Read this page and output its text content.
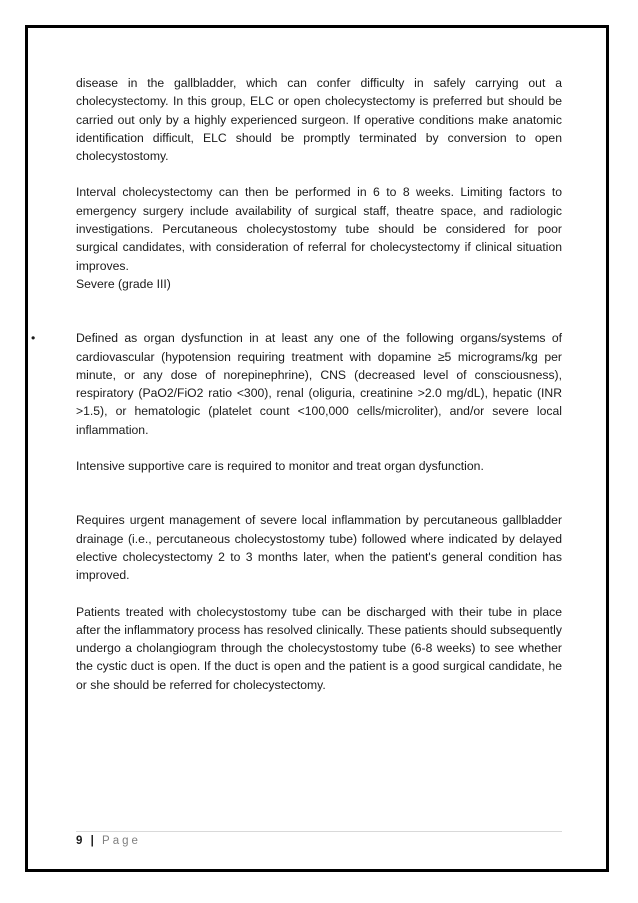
disease in the gallbladder, which can confer difficulty in safely carrying out a cholecystectomy. In this group, ELC or open cholecystectomy is preferred but should be carried out only by a highly experienced surgeon. If operative conditions make anatomic identification difficult, ELC should be promptly terminated by conversion to open cholecystostomy.

Interval cholecystectomy can then be performed in 6 to 8 weeks. Limiting factors to emergency surgery include availability of surgical staff, theatre space, and radiologic investigations. Percutaneous cholecystostomy tube should be considered for poor surgical candidates, with consideration of referral for cholecystectomy if clinical situation improves.

Severe (grade III)

•	Defined as organ dysfunction in at least any one of the following organs/systems of cardiovascular (hypotension requiring treatment with dopamine ≥5 micrograms/kg per minute, or any dose of norepinephrine), CNS (decreased level of consciousness), respiratory (PaO2/FiO2 ratio <300), renal (oliguria, creatinine >2.0 mg/dL), hepatic (INR >1.5), or hematologic (platelet count <100,000 cells/microliter), and/or severe local inflammation.

Intensive supportive care is required to monitor and treat organ dysfunction.

Requires urgent management of severe local inflammation by percutaneous gallbladder drainage (i.e., percutaneous cholecystostomy tube) followed where indicated by delayed elective cholecystectomy 2 to 3 months later, when the patient's general condition has improved.

Patients treated with cholecystostomy tube can be discharged with their tube in place after the inflammatory process has resolved clinically. These patients should subsequently undergo a cholangiogram through the cholecystostomy tube (6-8 weeks) to see whether the cystic duct is open. If the duct is open and the patient is a good surgical candidate, he or she should be referred for cholecystectomy.

9 | Page
